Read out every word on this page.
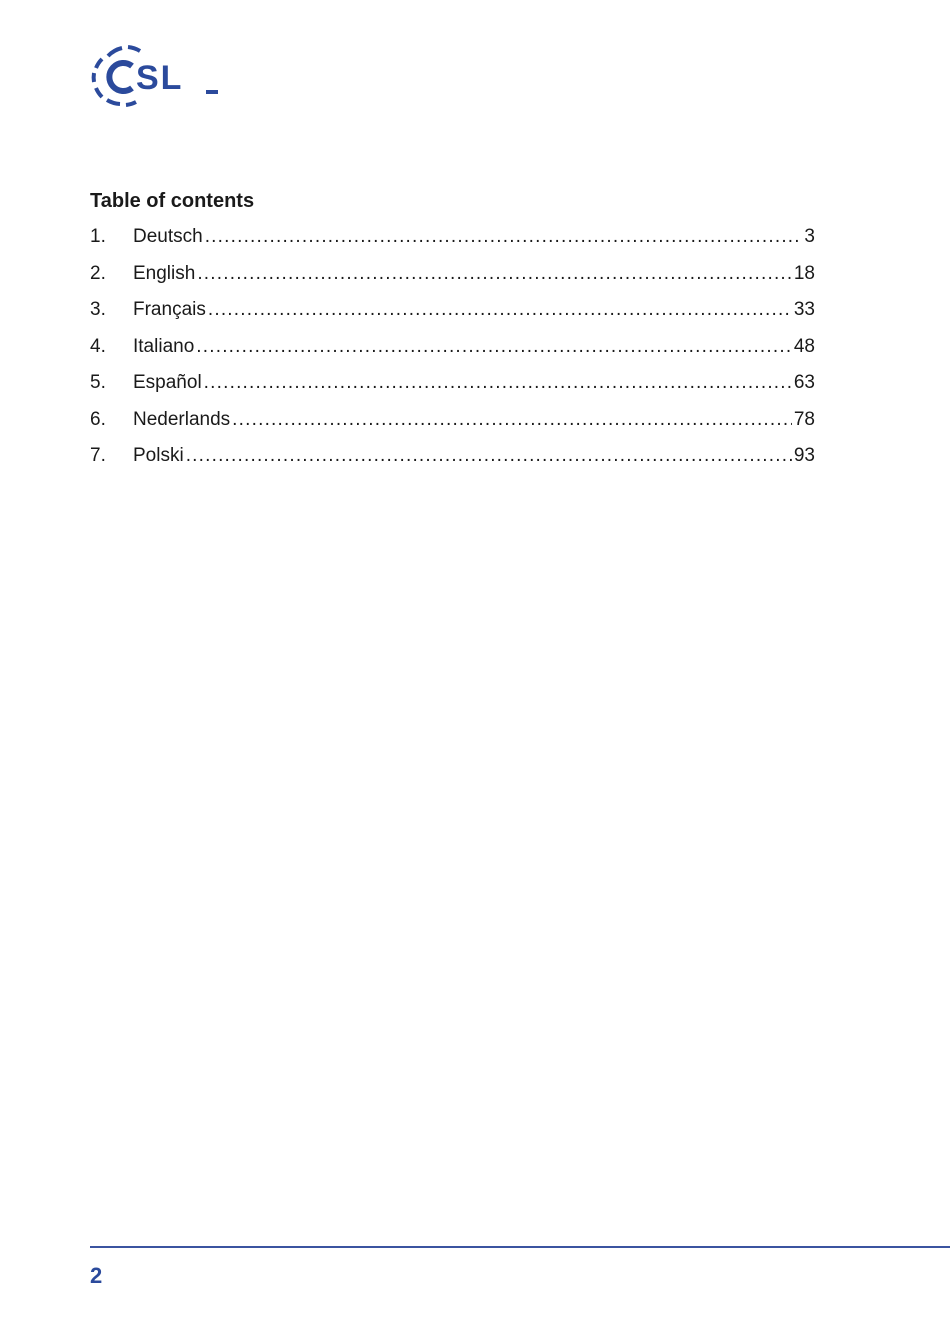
SL
Table of contents
1.	Deutsch .....	3
2.	English .....	18
3.	Français .....	33
4.	Italiano .....	48
5.	Español .....	63
6.	Nederlands .....	78
7.	Polski .....	93
2
